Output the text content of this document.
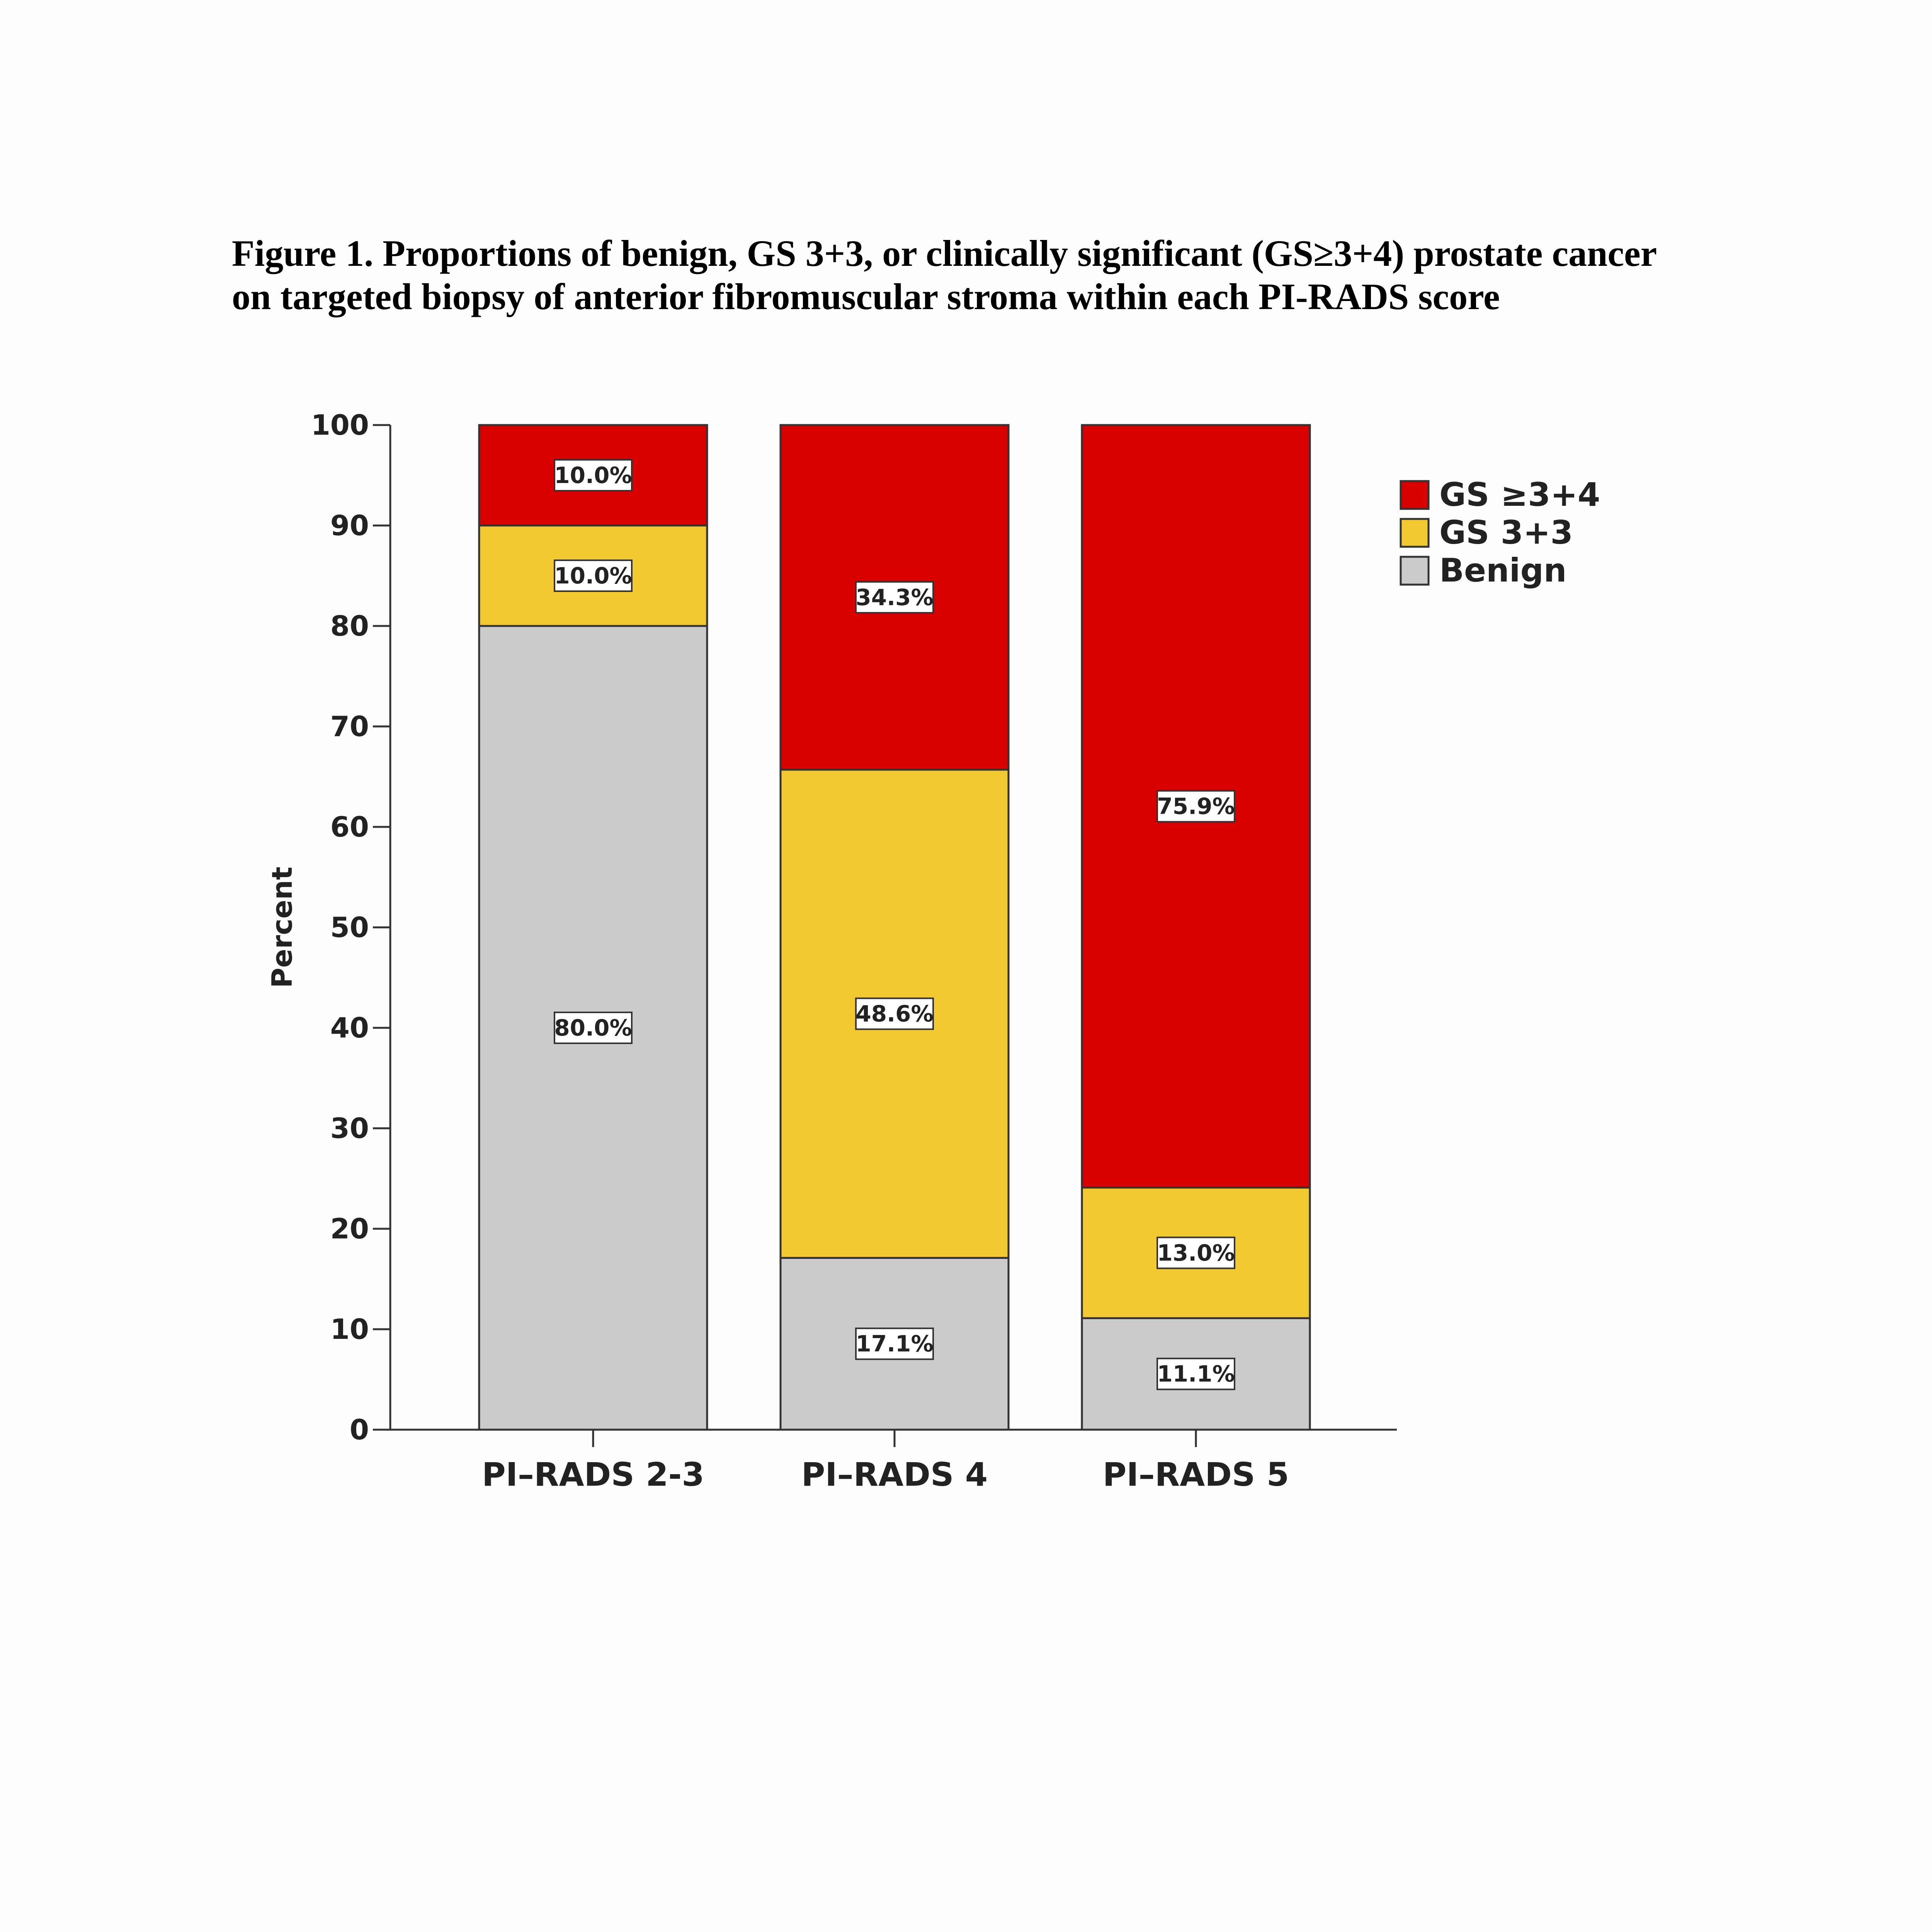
Figure 1. Proportions of benign, GS 3+3, or clinically significant (GS≥3+4) prostate cancer
on targeted biopsy of anterior fibromuscular stroma within each PI-RADS score
80.0%
10.0%
10.0%
17.1%
48.6%
34.3%
11.1%
13.0%
75.9%
0
10
20
30
40
50
60
70
80
90
100
PI–RADS 2-3	PI–RADS 4	PI–RADS 5
Percent
GS ≥3+4
GS 3+3
Benign
